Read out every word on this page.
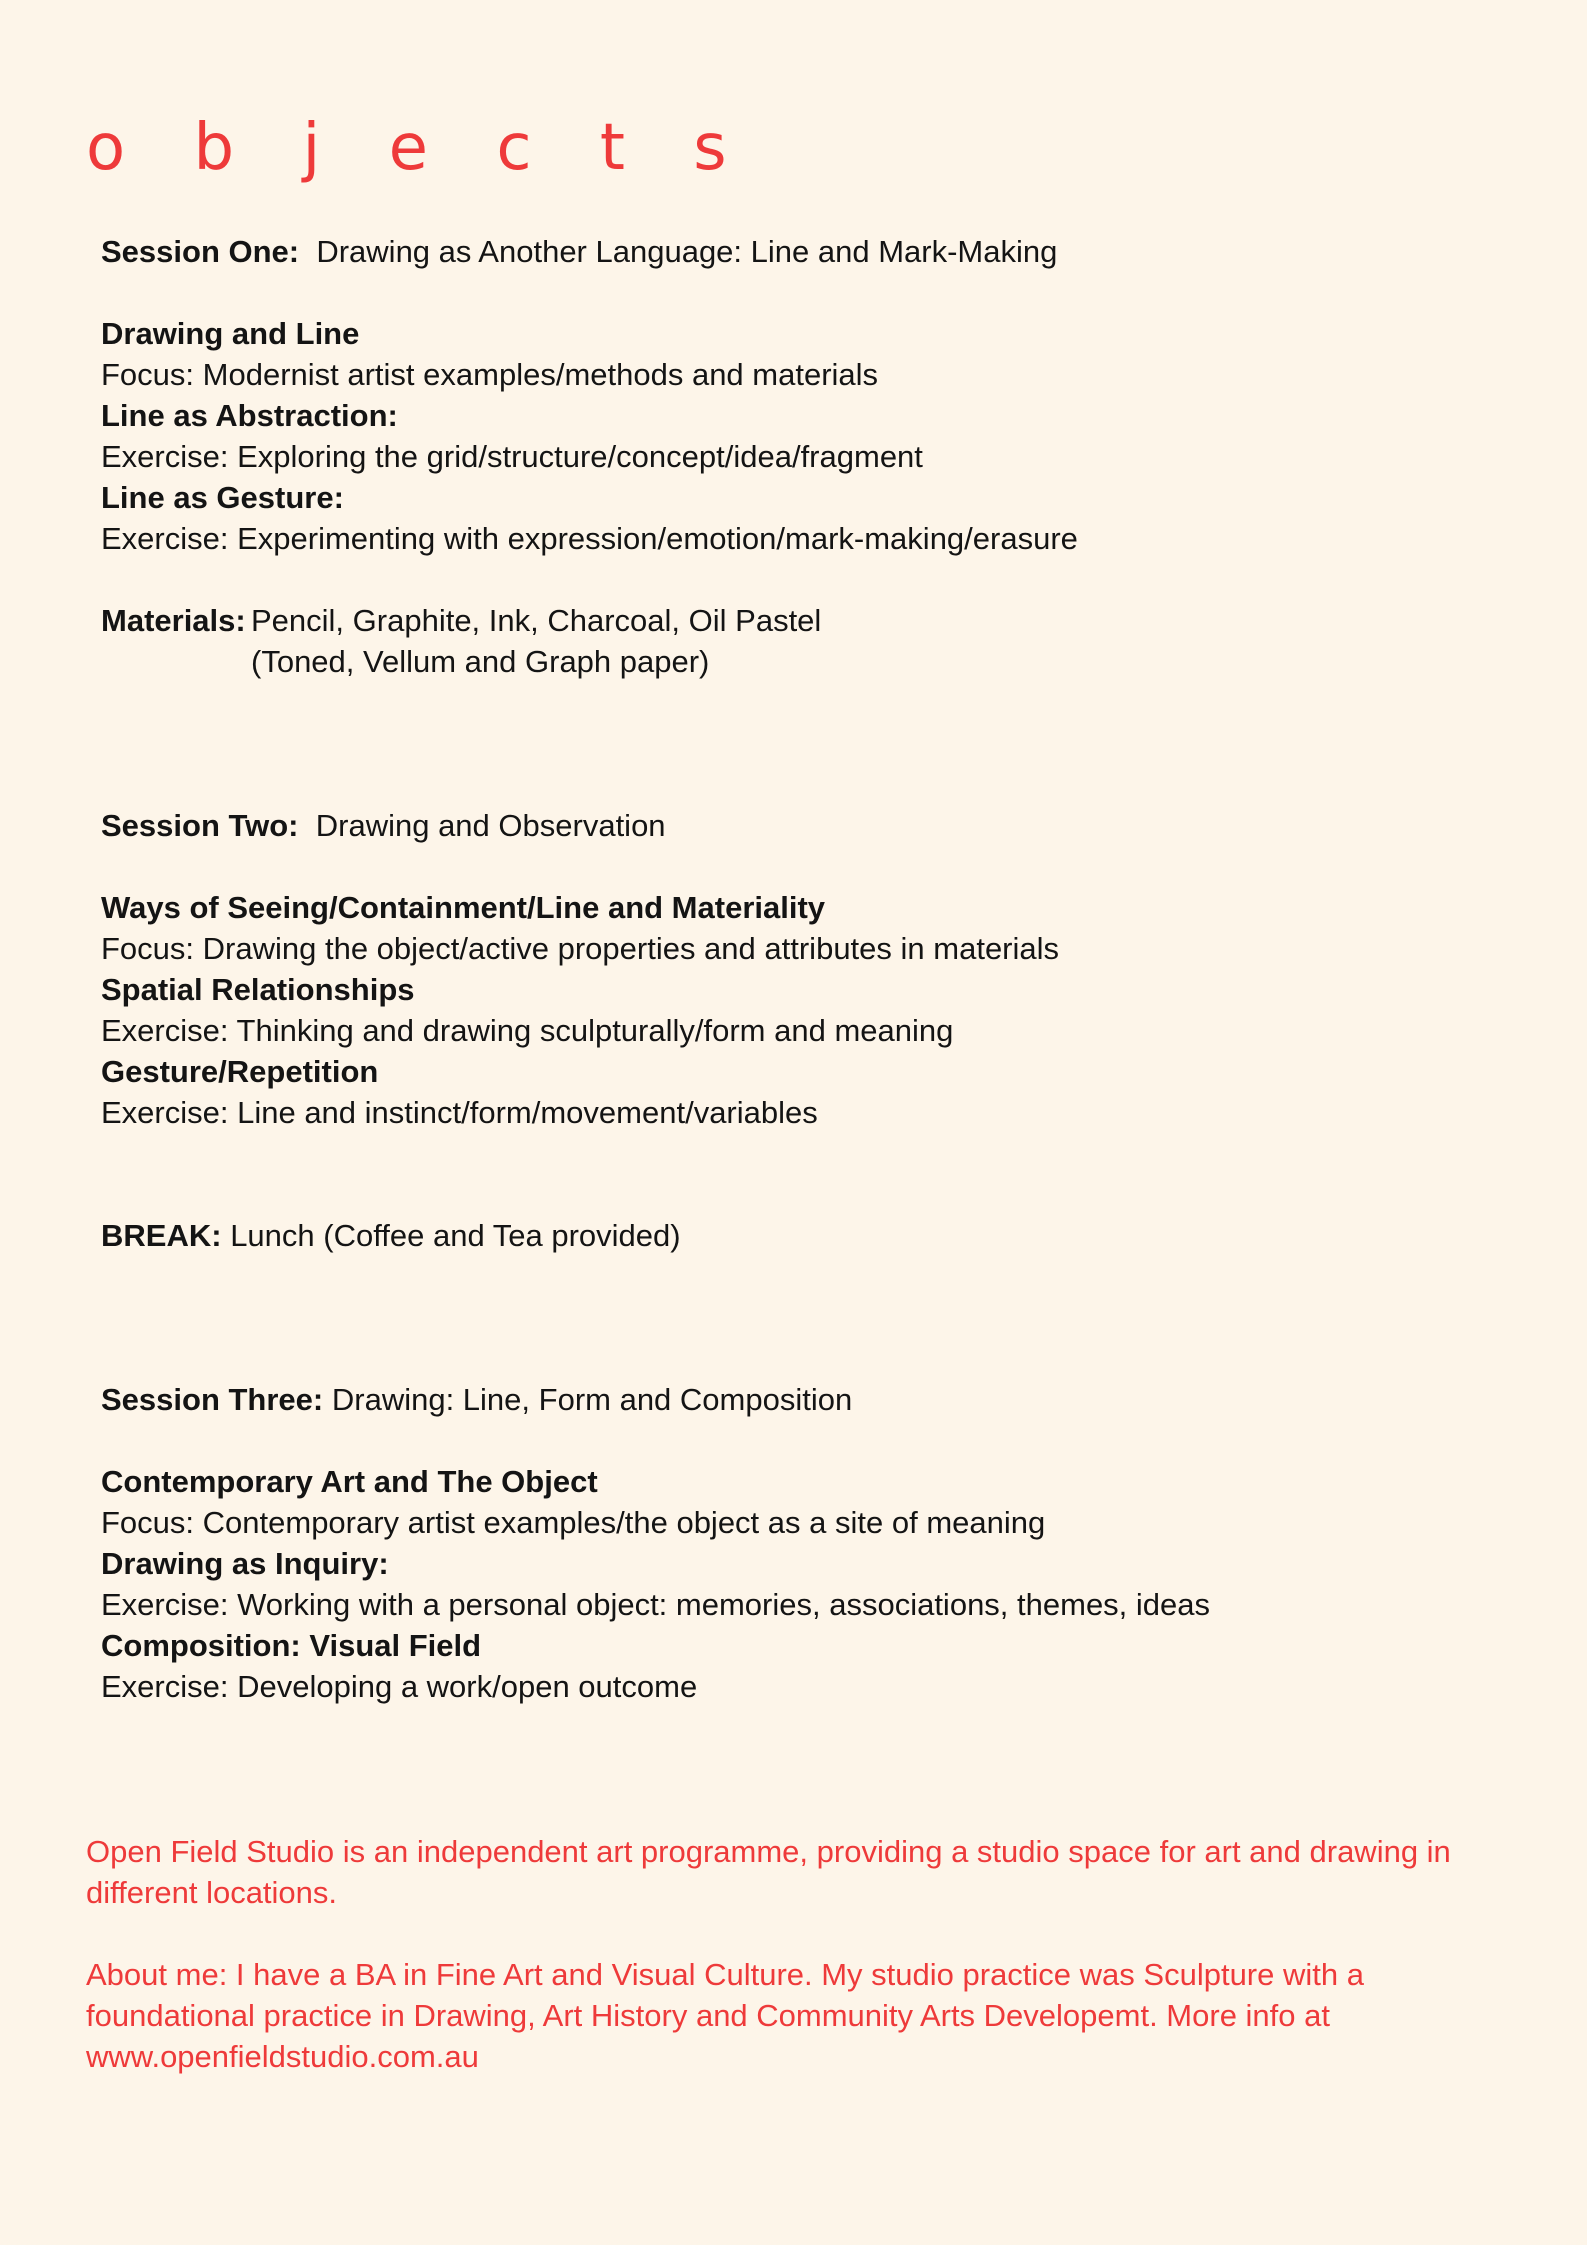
o b j e c t s
Session One: Drawing as Another Language: Line and Mark-Making
Drawing and Line
Focus: Modernist artist examples/methods and materials
Line as Abstraction:
Exercise: Exploring the grid/structure/concept/idea/fragment
Line as Gesture:
Exercise: Experimenting with expression/emotion/mark-making/erasure
Materials: Pencil, Graphite, Ink, Charcoal, Oil Pastel
(Toned, Vellum and Graph paper)
Session Two: Drawing and Observation
Ways of Seeing/Containment/Line and Materiality
Focus: Drawing the object/active properties and attributes in materials
Spatial Relationships
Exercise: Thinking and drawing sculpturally/form and meaning
Gesture/Repetition
Exercise: Line and instinct/form/movement/variables
BREAK: Lunch (Coffee and Tea provided)
Session Three: Drawing: Line, Form and Composition
Contemporary Art and The Object
Focus: Contemporary artist examples/the object as a site of meaning
Drawing as Inquiry:
Exercise: Working with a personal object: memories, associations, themes, ideas
Composition: Visual Field
Exercise: Developing a work/open outcome

Open Field Studio is an independent art programme, providing a studio space for art and drawing in different locations.

About me: I have a BA in Fine Art and Visual Culture. My studio practice was Sculpture with a foundational practice in Drawing, Art History and Community Arts Developemt. More info at www.openfieldstudio.com.au
